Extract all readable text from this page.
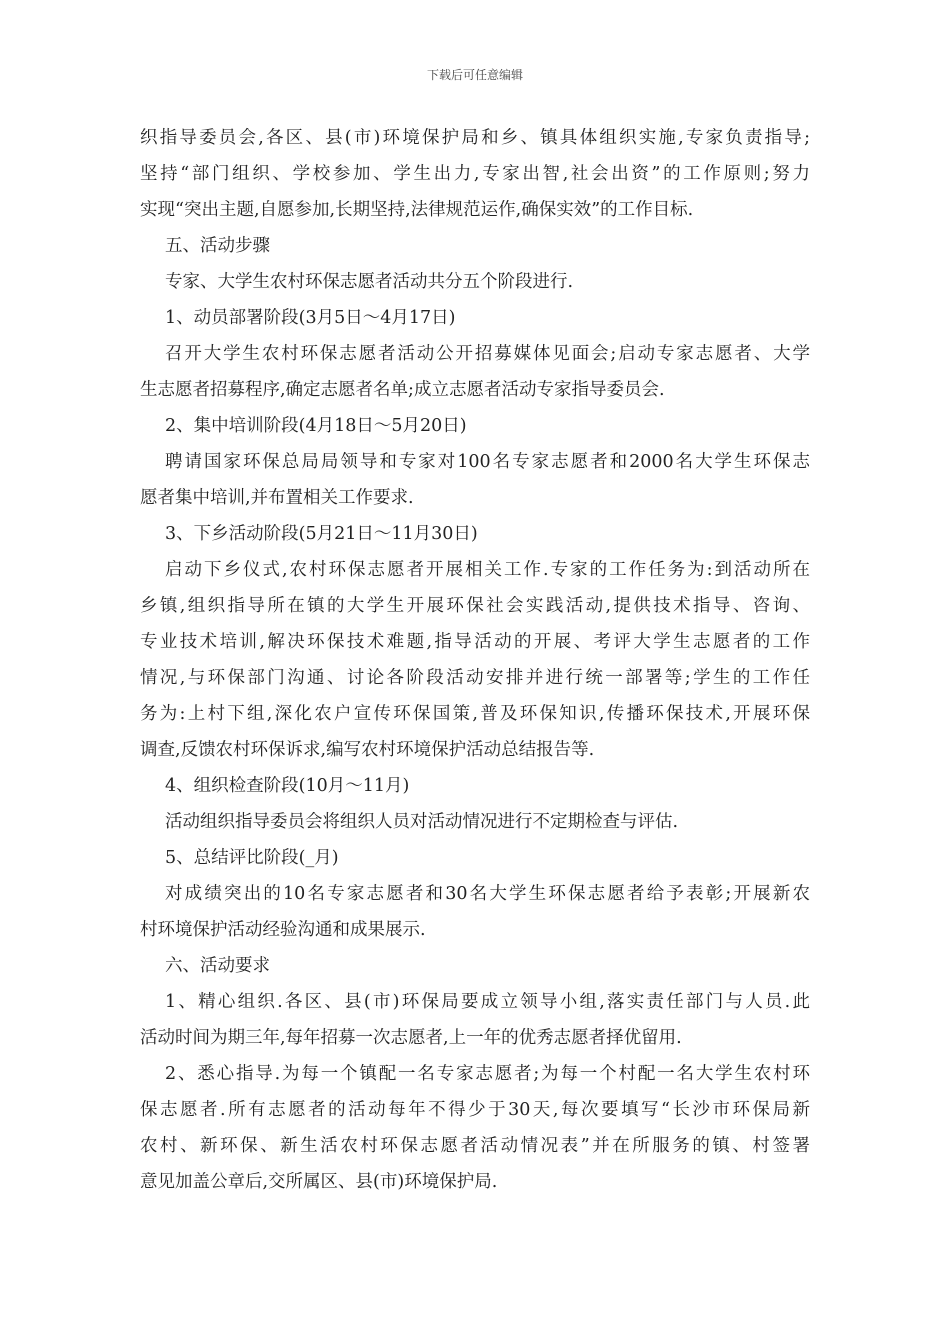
下载后可任意编辑
织指导委员会,各区、县(市)环境保护局和乡、镇具体组织实施,专家负责指导;
坚持“部门组织、学校参加、学生出力,专家出智,社会出资”的工作原则;努力
实现“突出主题,自愿参加,长期坚持,法律规范运作,确保实效”的工作目标.
五、活动步骤
专家、大学生农村环保志愿者活动共分五个阶段进行.
1、动员部署阶段(3月5日～4月17日)
召开大学生农村环保志愿者活动公开招募媒体见面会;启动专家志愿者、大学
生志愿者招募程序,确定志愿者名单;成立志愿者活动专家指导委员会.
2、集中培训阶段(4月18日～5月20日)
聘请国家环保总局局领导和专家对100名专家志愿者和2000名大学生环保志
愿者集中培训,并布置相关工作要求.
3、下乡活动阶段(5月21日～11月30日)
启动下乡仪式,农村环保志愿者开展相关工作.专家的工作任务为:到活动所在
乡镇,组织指导所在镇的大学生开展环保社会实践活动,提供技术指导、咨询、
专业技术培训,解决环保技术难题,指导活动的开展、考评大学生志愿者的工作
情况,与环保部门沟通、讨论各阶段活动安排并进行统一部署等;学生的工作任
务为:上村下组,深化农户宣传环保国策,普及环保知识,传播环保技术,开展环保
调查,反馈农村环保诉求,编写农村环境保护活动总结报告等.
4、组织检查阶段(10月～11月)
活动组织指导委员会将组织人员对活动情况进行不定期检查与评估.
5、总结评比阶段(_月)
对成绩突出的10名专家志愿者和30名大学生环保志愿者给予表彰;开展新农
村环境保护活动经验沟通和成果展示.
六、活动要求
1、精心组织.各区、县(市)环保局要成立领导小组,落实责任部门与人员.此
活动时间为期三年,每年招募一次志愿者,上一年的优秀志愿者择优留用.
2、悉心指导.为每一个镇配一名专家志愿者;为每一个村配一名大学生农村环
保志愿者.所有志愿者的活动每年不得少于30天,每次要填写“长沙市环保局新
农村、新环保、新生活农村环保志愿者活动情况表”并在所服务的镇、村签署
意见加盖公章后,交所属区、县(市)环境保护局.
